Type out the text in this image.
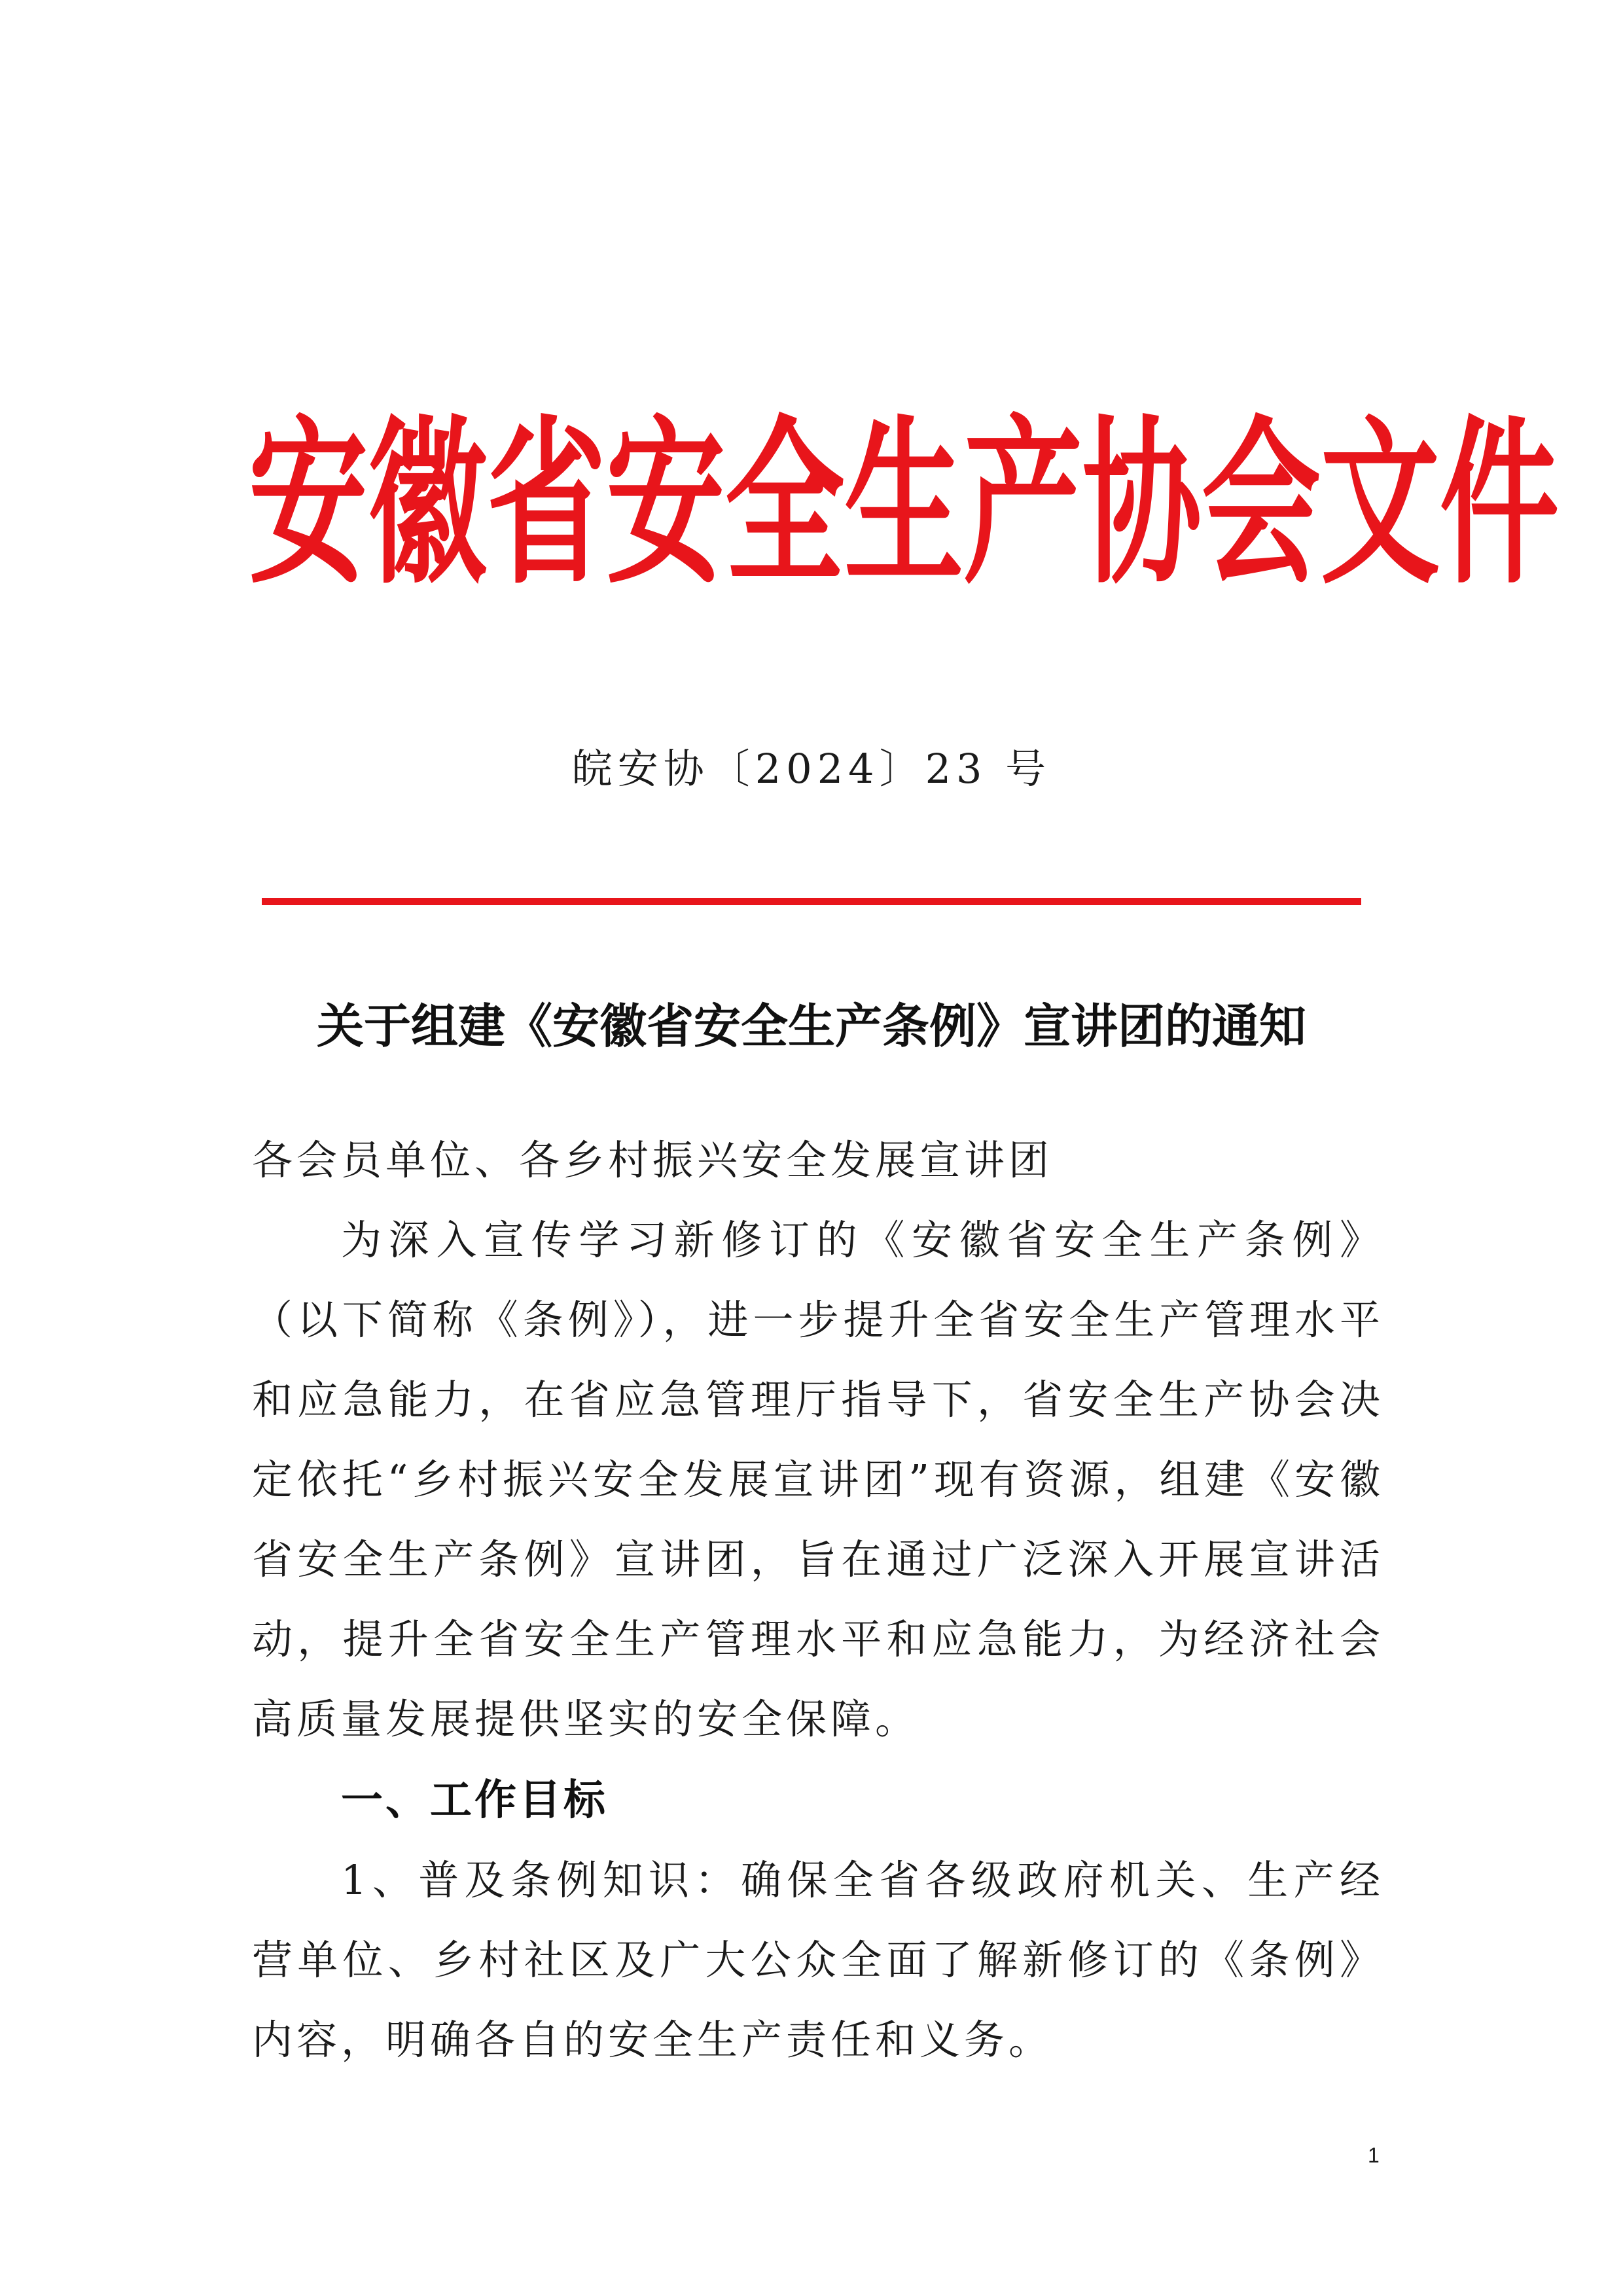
安 徽 省 安 全 生 产 协 会 文 件
皖安协〔2024〕23 号
关于组建《安徽省安全生产条例》宣讲团的通知
各会员单位、各乡村振兴安全发展宣讲团
为深入宣传学习新修订的《安徽省安全生产条例》（以下简称《条例》），进一步提升全省安全生产管理水平和应急能力，在省应急管理厅指导下，省安全生产协会决定依托“乡村振兴安全发展宣讲团”现有资源，组建《安徽省安全生产条例》宣讲团，旨在通过广泛深入开展宣讲活动，提升全省安全生产管理水平和应急能力，为经济社会高质量发展提供坚实的安全保障。
一、工作目标
1、普及条例知识：确保全省各级政府机关、生产经营单位、乡村社区及广大公众全面了解新修订的《条例》内容，明确各自的安全生产责任和义务。
1
